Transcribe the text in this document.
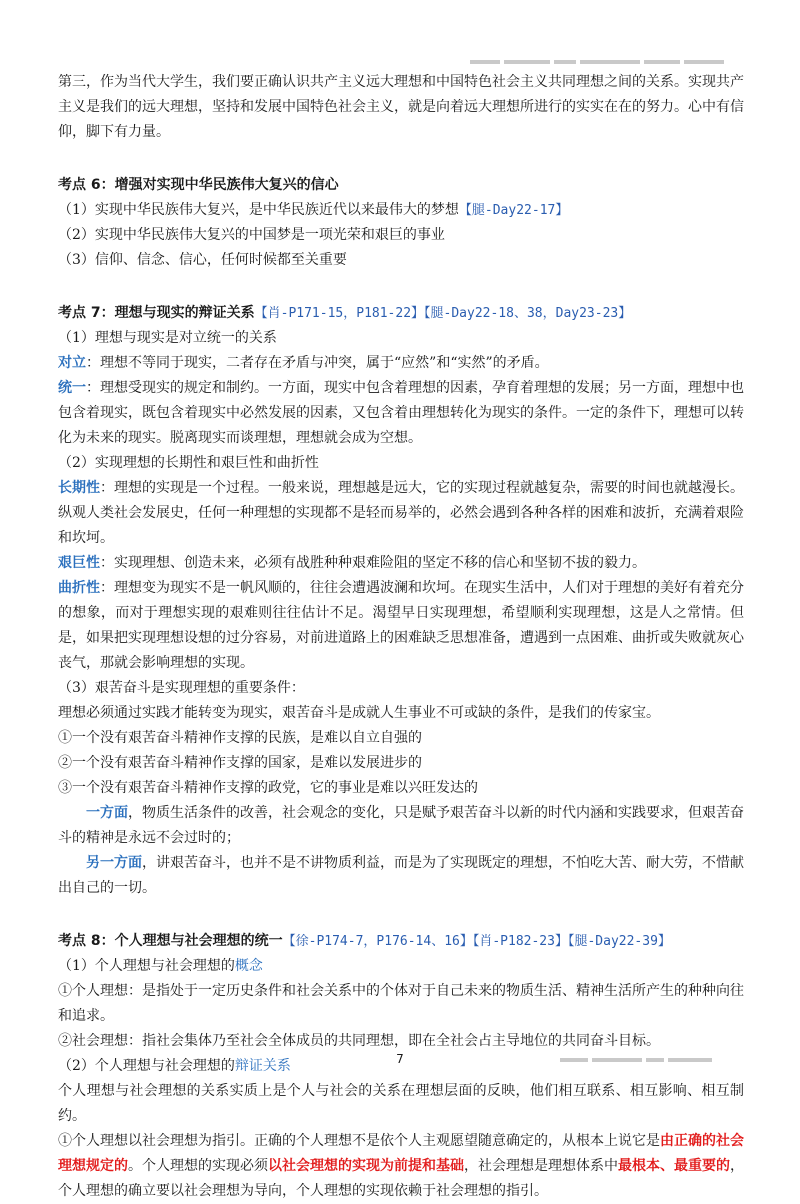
第三，作为当代大学生，我们要正确认识共产主义远大理想和中国特色社会主义共同理想之间的关系。实现共产主义是我们的远大理想，坚持和发展中国特色社会主义，就是向着远大理想所进行的实实在在的努力。心中有信仰，脚下有力量。

考点 6：增强对实现中华民族伟大复兴的信心

（1）实现中华民族伟大复兴，是中华民族近代以来最伟大的梦想【腿-Day22-17】

（2）实现中华民族伟大复兴的中国梦是一项光荣和艰巨的事业

（3）信仰、信念、信心，任何时候都至关重要

考点 7：理想与现实的辩证关系【肖-P171-15，P181-22】【腿-Day22-18、38，Day23-23】

（1）理想与现实是对立统一的关系

对立：理想不等同于现实，二者存在矛盾与冲突，属于“应然”和“实然”的矛盾。

统一：理想受现实的规定和制约。一方面，现实中包含着理想的因素，孕育着理想的发展；另一方面，理想中也包含着现实，既包含着现实中必然发展的因素，又包含着由理想转化为现实的条件。一定的条件下，理想可以转化为未来的现实。脱离现实而谈理想，理想就会成为空想。

（2）实现理想的长期性和艰巨性和曲折性

长期性：理想的实现是一个过程。一般来说，理想越是远大，它的实现过程就越复杂，需要的时间也就越漫长。纵观人类社会发展史，任何一种理想的实现都不是轻而易举的，必然会遇到各种各样的困难和波折，充满着艰险和坎坷。

艰巨性：实现理想、创造未来，必须有战胜种种艰难险阻的坚定不移的信心和坚韧不拔的毅力。

曲折性：理想变为现实不是一帆风顺的，往往会遭遇波澜和坎坷。在现实生活中，人们对于理想的美好有着充分的想象，而对于理想实现的艰难则往往估计不足。渴望早日实现理想，希望顺利实现理想，这是人之常情。但是，如果把实现理想设想的过分容易，对前进道路上的困难缺乏思想准备，遭遇到一点困难、曲折或失败就灰心丧气，那就会影响理想的实现。

（3）艰苦奋斗是实现理想的重要条件：

理想必须通过实践才能转变为现实，艰苦奋斗是成就人生事业不可或缺的条件，是我们的传家宝。

①一个没有艰苦奋斗精神作支撑的民族，是难以自立自强的

②一个没有艰苦奋斗精神作支撑的国家，是难以发展进步的

③一个没有艰苦奋斗精神作支撑的政党，它的事业是难以兴旺发达的

一方面，物质生活条件的改善，社会观念的变化，只是赋予艰苦奋斗以新的时代内涵和实践要求，但艰苦奋斗的精神是永远不会过时的；

另一方面，讲艰苦奋斗，也并不是不讲物质利益，而是为了实现既定的理想，不怕吃大苦、耐大劳，不惜献出自己的一切。

考点 8：个人理想与社会理想的统一【徐-P174-7，P176-14、16】【肖-P182-23】【腿-Day22-39】

（1）个人理想与社会理想的概念

①个人理想：是指处于一定历史条件和社会关系中的个体对于自己未来的物质生活、精神生活所产生的种种向往和追求。

②社会理想：指社会集体乃至社会全体成员的共同理想，即在全社会占主导地位的共同奋斗目标。

（2）个人理想与社会理想的辩证关系

个人理想与社会理想的关系实质上是个人与社会的关系在理想层面的反映，他们相互联系、相互影响、相互制约。

①个人理想以社会理想为指引。正确的个人理想不是依个人主观愿望随意确定的，从根本上说它是由正确的社会理想规定的。个人理想的实现必须以社会理想的实现为前提和基础，社会理想是理想体系中最根本、最重要的，个人理想的确立要以社会理想为导向，个人理想的实现依赖于社会理想的指引。

7
